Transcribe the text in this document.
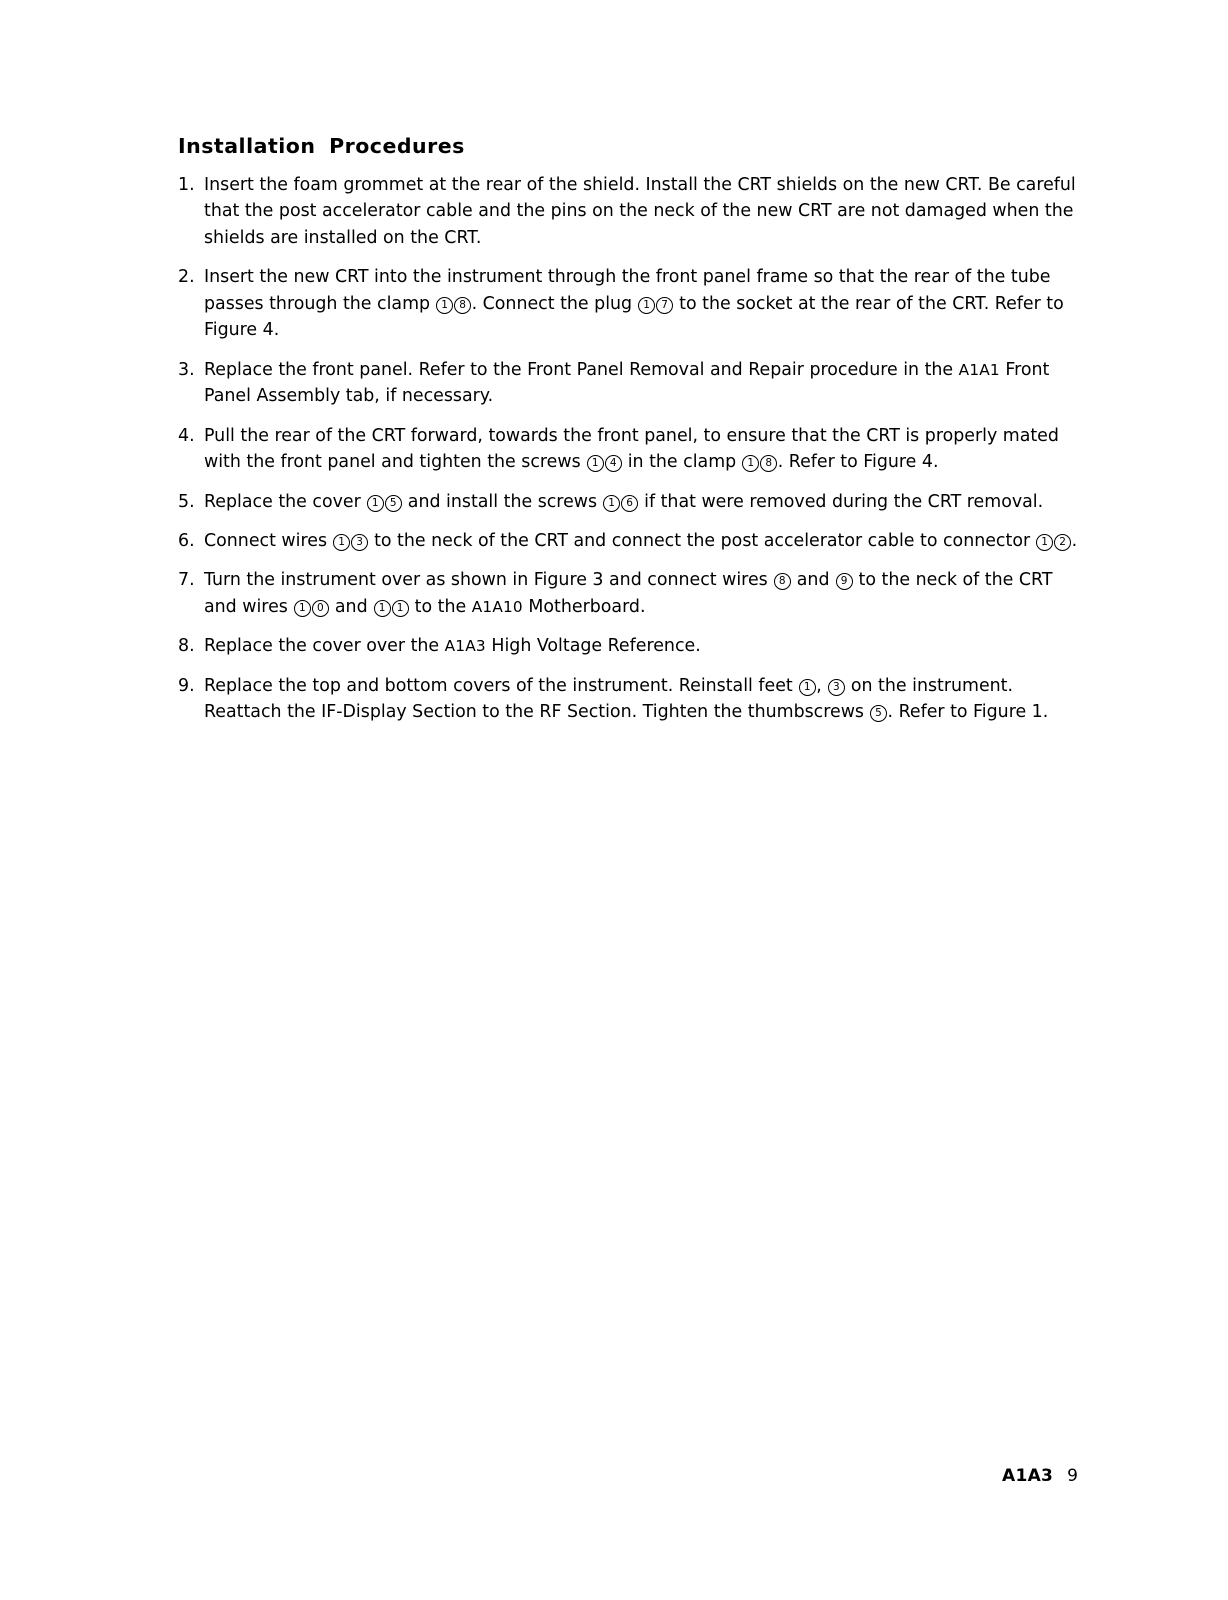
Installation Procedures
1. Insert the foam grommet at the rear of the shield. Install the CRT shields on the new CRT. Be careful that the post accelerator cable and the pins on the neck of the new CRT are not damaged when the shields are installed on the CRT.
2. Insert the new CRT into the instrument through the front panel frame so that the rear of the tube passes through the clamp 1 8 . Connect the plug 1 7 to the socket at the rear of the CRT. Refer to Figure 4.
3. Replace the front panel. Refer to the Front Panel Removal and Repair procedure in the A1A1 Front Panel Assembly tab, if necessary.
4. Pull the rear of the CRT forward, towards the front panel, to ensure that the CRT is properly mated with the front panel and tighten the screws 1 4 in the clamp 1 8 . Refer to Figure 4.
5. Replace the cover 1 5 and install the screws 1 6 if that were removed during the CRT removal.
6. Connect wires 1 3 to the neck of the CRT and connect the post accelerator cable to connector 1 2 .
7. Turn the instrument over as shown in Figure 3 and connect wires 8 and 9 to the neck of the CRT and wires 1 0 and 1 1 to the A1A10 Motherboard.
8. Replace the cover over the A1A3 High Voltage Reference.
9. Replace the top and bottom covers of the instrument. Reinstall feet 1 , 3 on the instrument. Reattach the IF-Display Section to the RF Section. Tighten the thumbscrews 5 . Refer to Figure 1.
A1A3 9
